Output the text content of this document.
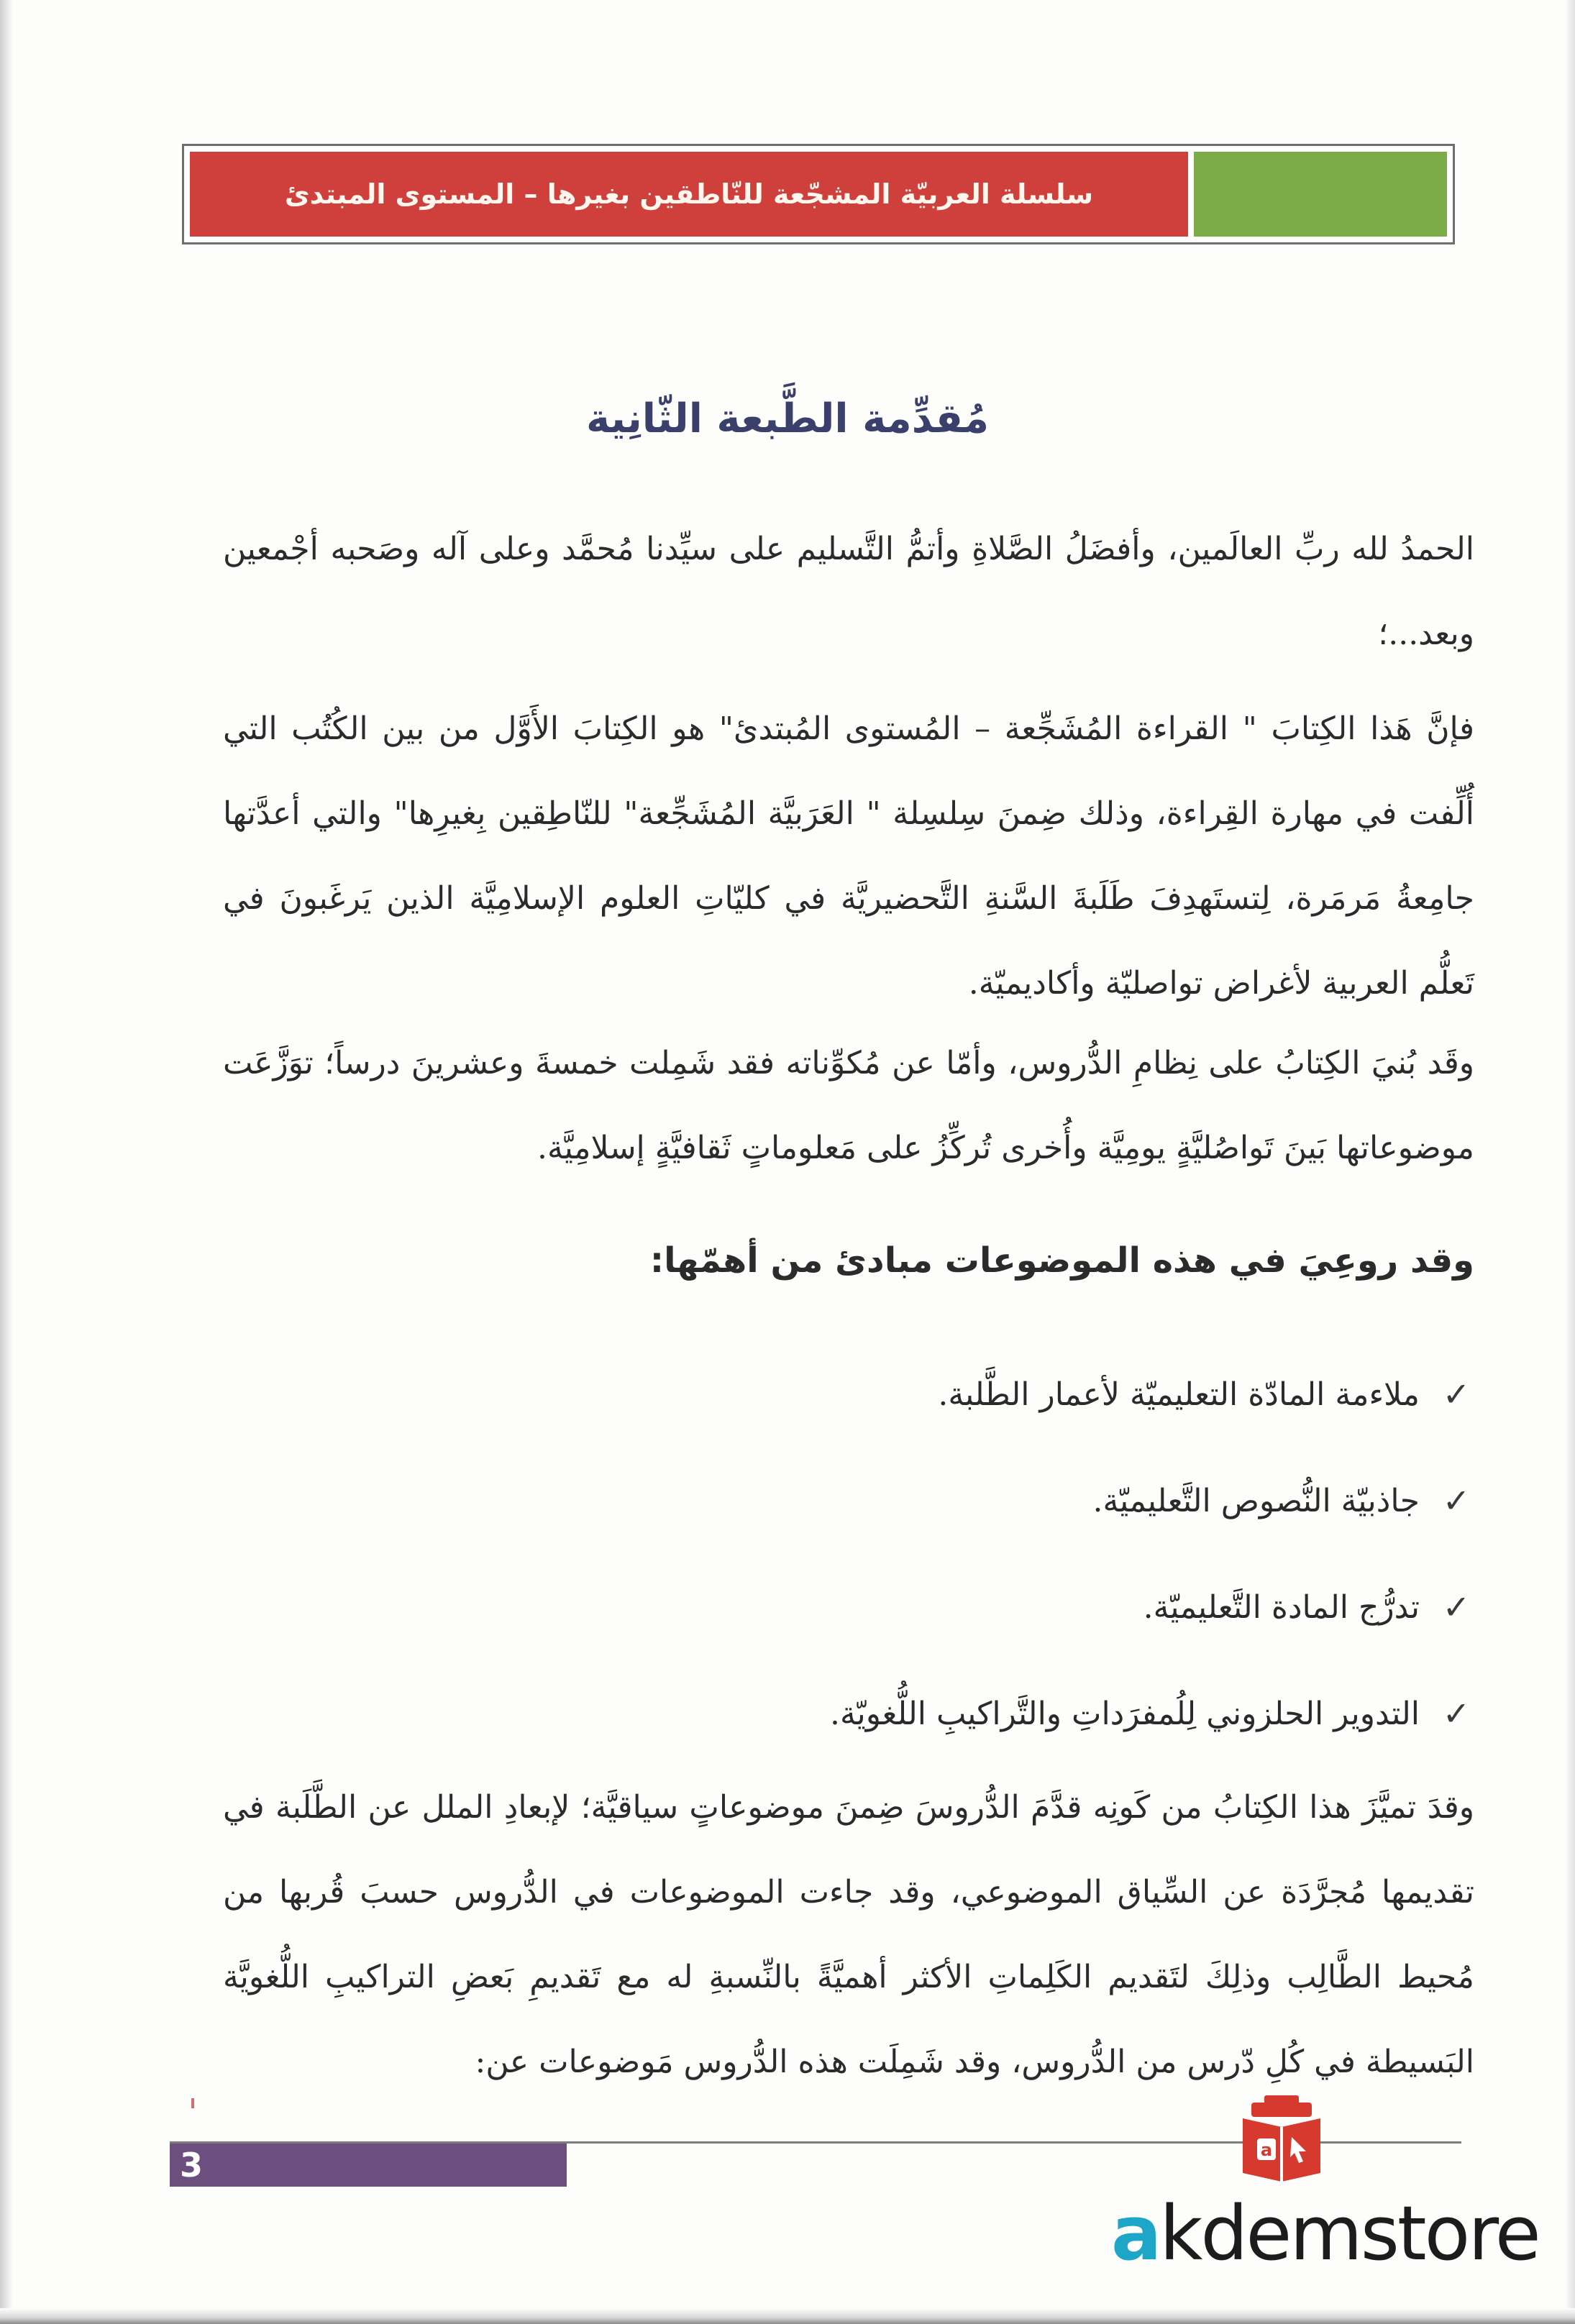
سلسلة العربيّة المشجّعة للنّاطقين بغيرها – المستوى المبتدئ
مُقدِّمة الطَّبعة الثّانِية

الحمدُ لله ربِّ العالَمين، وأفضَلُ الصَّلاةِ وأتمُّ التَّسليم على سيِّدنا مُحمَّد وعلى آله وصَحبه أجْمعين وبعد...؛

فإنَّ هَذا الكِتابَ " القراءة المُشَجِّعة – المُستوى المُبتدئ" هو الكِتابَ الأَوَّل من بين الكُتُب التي أُلِّفت في مهارة القِراءة، وذلك ضِمنَ سِلسِلة " العَرَبيَّة المُشَجِّعة" للنّاطِقين بِغيرِها" والتي أعدَّتها جامِعةُ مَرمَرة، لِتستَهدِفَ طَلَبةَ السَّنةِ التَّحضيريَّة في كليّاتِ العلوم الإسلامِيَّة الذين يَرغَبونَ في تَعلُّم العربية لأغراض تواصليّة وأكاديميّة.

وقَد بُنيَ الكِتابُ على نِظامِ الدُّروس، وأمّا عن مُكوِّناته فقد شَمِلت خمسةَ وعشرينَ درساً؛ توَزَّعَت موضوعاتها بَينَ تَواصُليَّةٍ يومِيَّة وأُخرى تُركِّزُ على مَعلوماتٍ ثَقافيَّةٍ إسلامِيَّة.

وقد روعِيَ في هذه الموضوعات مبادئ من أهمّها:
✓
ملاءمة المادّة التعليميّة لأعمار الطَّلبة.
✓
جاذبيّة النُّصوص التَّعليميّة.
✓
تدرُّج المادة التَّعليميّة.
✓
التدوير الحلزوني لِلُمفرَداتِ والتَّراكيبِ اللُّغويّة.

وقدَ تميَّزَ هذا الكِتابُ من كَونِه قدَّمَ الدُّروسَ ضِمنَ موضوعاتٍ سياقيَّة؛ لإبعادِ الملل عن الطَّلَبة في تقديمها مُجرَّدَة عن السِّياق الموضوعي، وقد جاءت الموضوعات في الدُّروس حسبَ قُربها من مُحيط الطَّالِب وذلِكَ لتَقديم الكَلِماتِ الأكثر أهميَّةً بالنِّسبةِ له مع تَقديمِ بَعضِ التراكيبِ اللُّغويَّة البَسيطة في كُلِ دّرس من الدُّروس، وقد شَمِلَت هذه الدُّروس مَوضوعات عن:

3	a
akdemstore
